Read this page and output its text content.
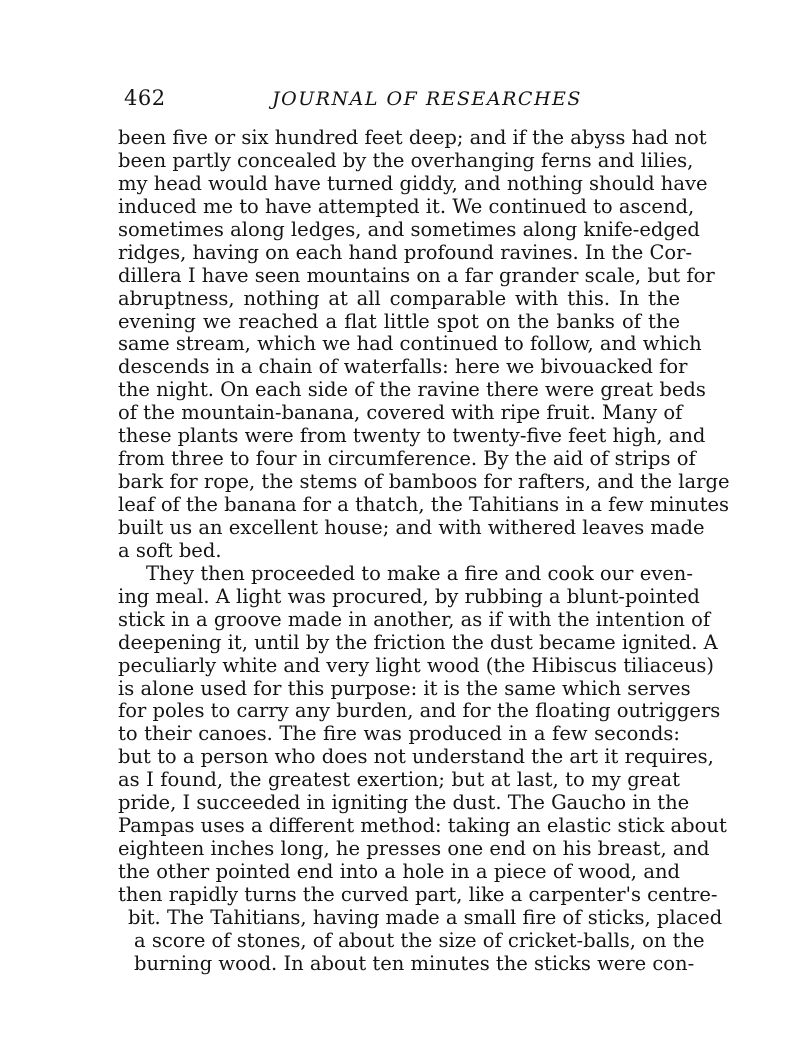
462	JOURNAL OF RESEARCHES
been five or six hundred feet deep; and if the abyss had not
been partly concealed by the overhanging ferns and lilies,
my head would have turned giddy, and nothing should have
induced me to have attempted it. We continued to ascend,
sometimes along ledges, and sometimes along knife-edged
ridges, having on each hand profound ravines. In the Cor-
dillera I have seen mountains on a far grander scale, but for
abruptness, nothing at all comparable with this. In the
evening we reached a flat little spot on the banks of the
same stream, which we had continued to follow, and which
descends in a chain of waterfalls: here we bivouacked for
the night. On each side of the ravine there were great beds
of the mountain-banana, covered with ripe fruit. Many of
these plants were from twenty to twenty-five feet high, and
from three to four in circumference. By the aid of strips of
bark for rope, the stems of bamboos for rafters, and the large
leaf of the banana for a thatch, the Tahitians in a few minutes
built us an excellent house; and with withered leaves made
a soft bed.
They then proceeded to make a fire and cook our even-
ing meal. A light was procured, by rubbing a blunt-pointed
stick in a groove made in another, as if with the intention of
deepening it, until by the friction the dust became ignited. A
peculiarly white and very light wood (the Hibiscus tiliaceus)
is alone used for this purpose: it is the same which serves
for poles to carry any burden, and for the floating outriggers
to their canoes. The fire was produced in a few seconds:
but to a person who does not understand the art it requires,
as I found, the greatest exertion; but at last, to my great
pride, I succeeded in igniting the dust. The Gaucho in the
Pampas uses a different method: taking an elastic stick about
eighteen inches long, he presses one end on his breast, and
the other pointed end into a hole in a piece of wood, and
then rapidly turns the curved part, like a carpenter's centre-
bit. The Tahitians, having made a small fire of sticks, placed
a score of stones, of about the size of cricket-balls, on the
burning wood. In about ten minutes the sticks were con-
